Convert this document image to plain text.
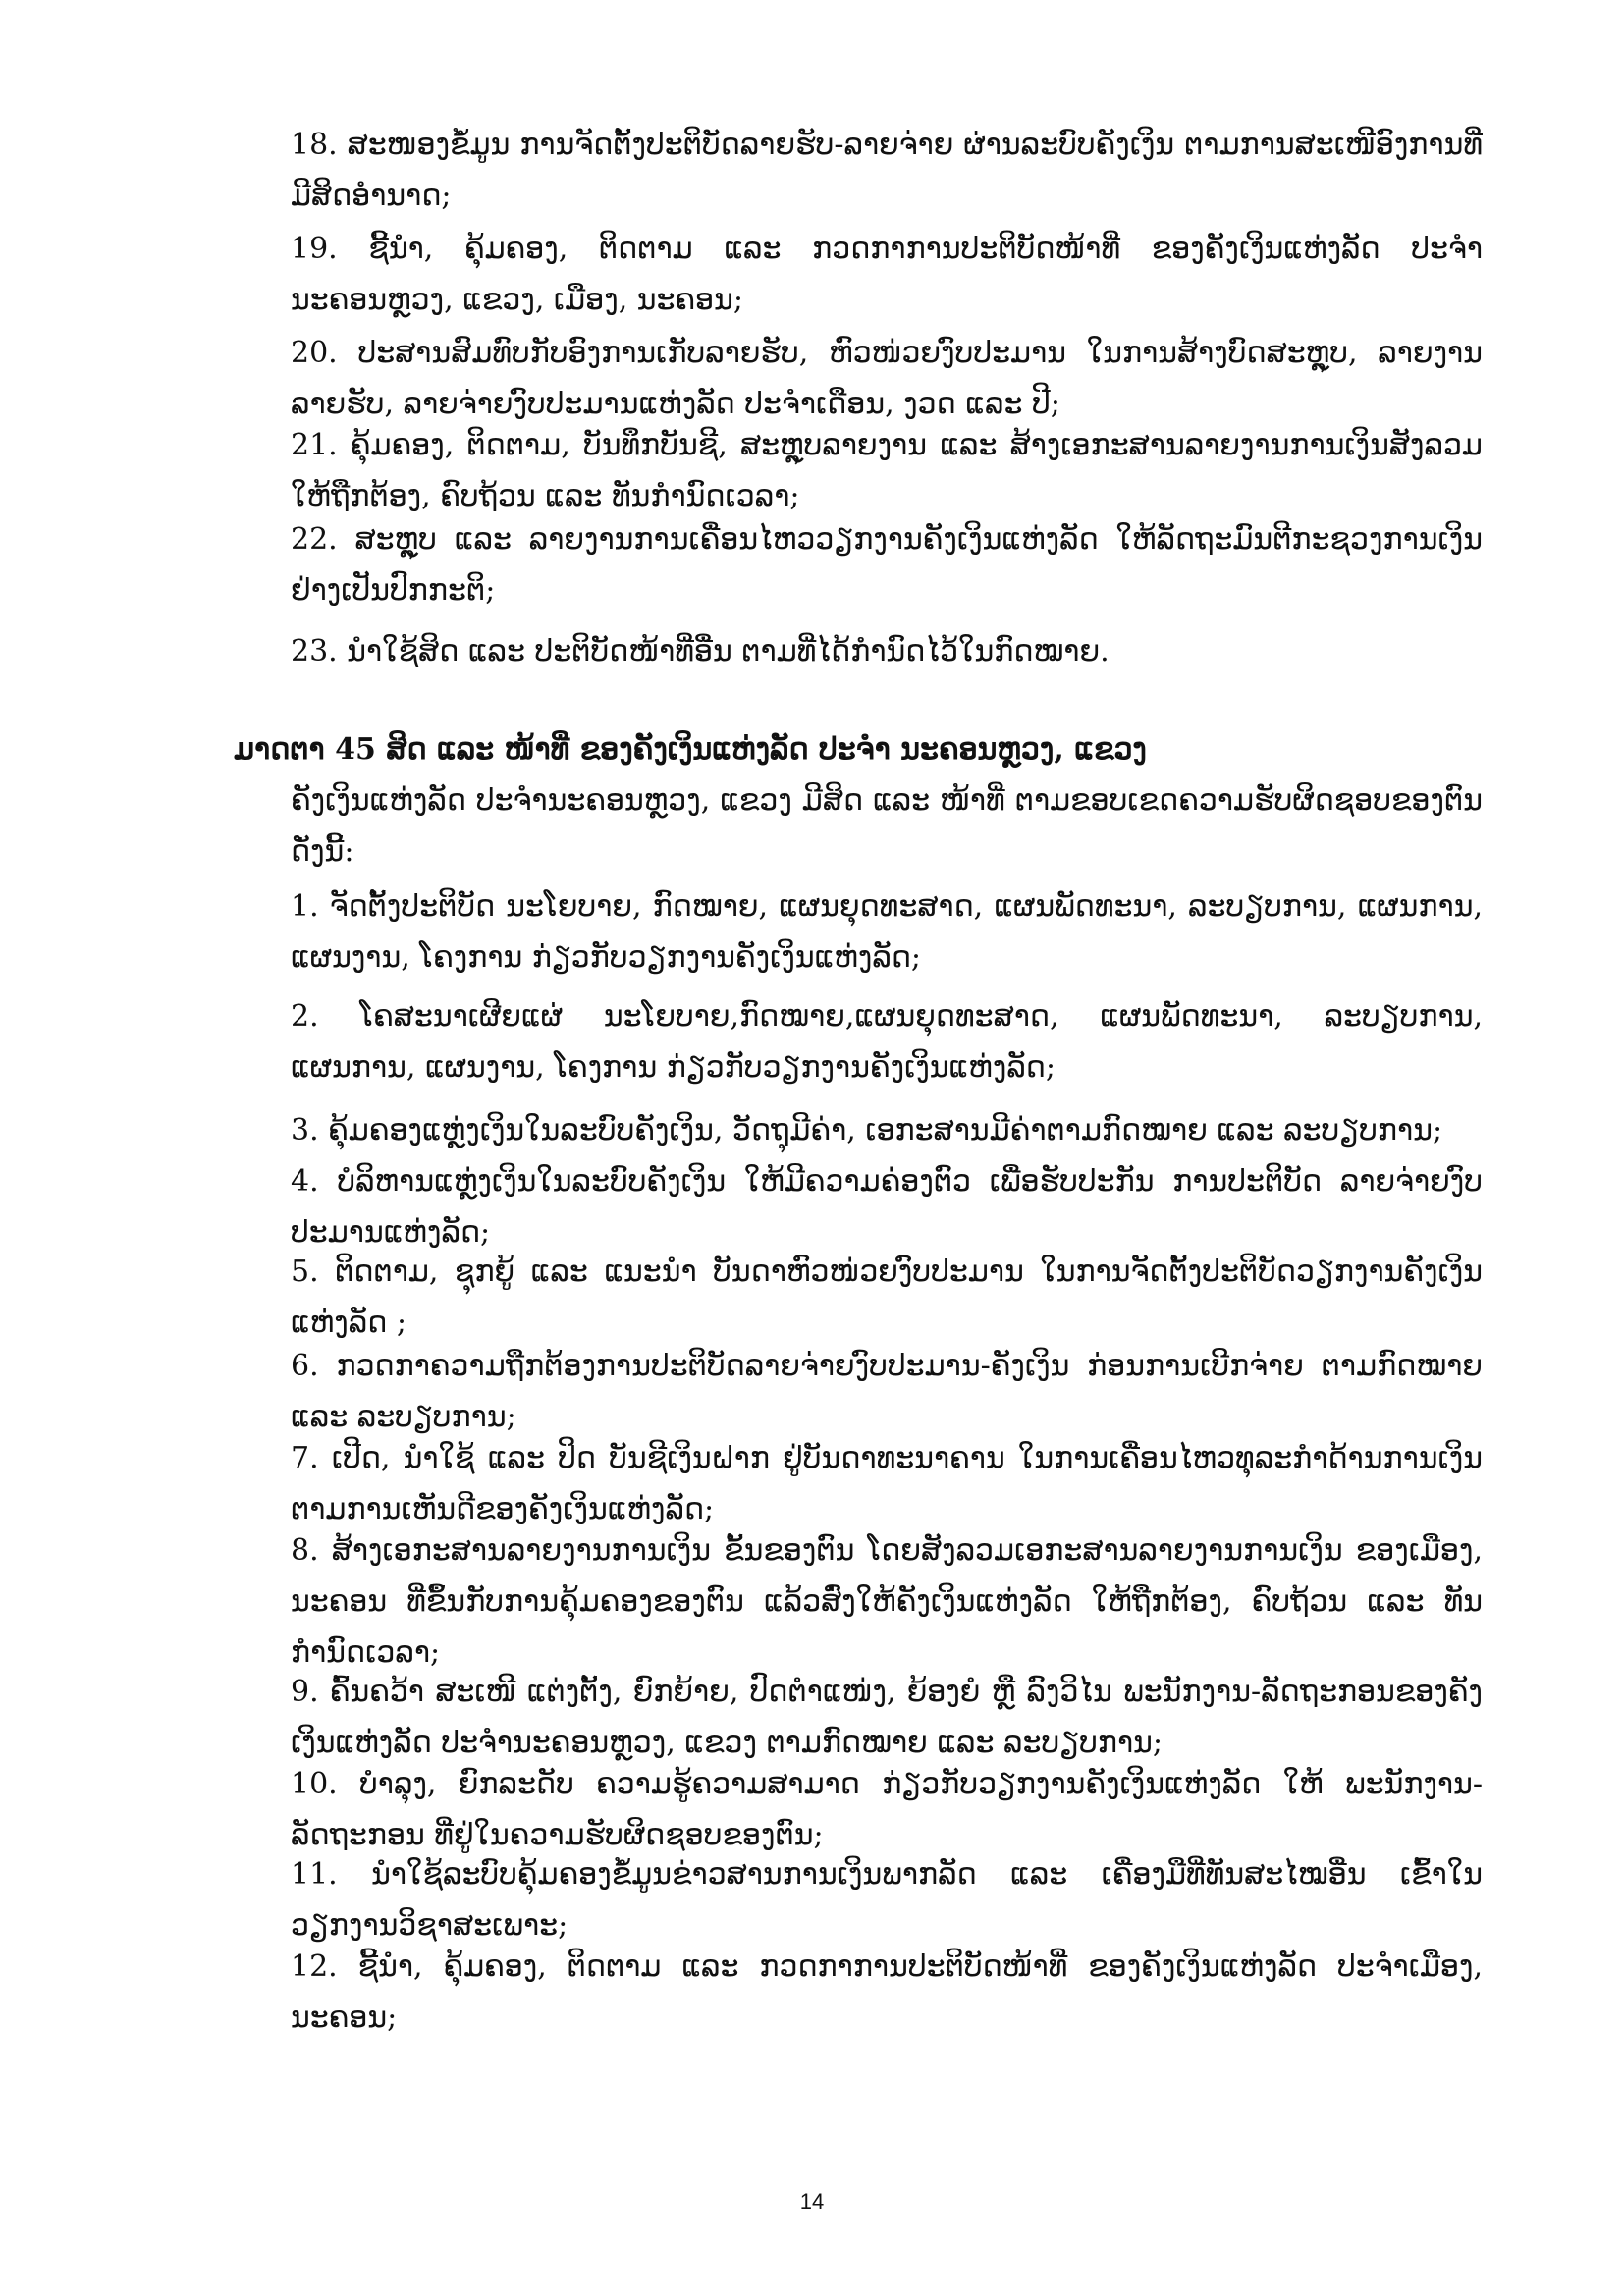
18. ສະໜອງຂໍ້ມູນ ການຈັດຕັ້ງປະຕິບັດລາຍຮັບ-ລາຍຈ່າຍ ຜ່ານລະບົບຄັງເງິນ ຕາມການສະເໜີອົງການທີ່ມີສິດອຳນາດ;

19. ຊີ້ນຳ, ຄຸ້ມຄອງ, ຕິດຕາມ ແລະ ກວດກາການປະຕິບັດໜ້າທີ່ ຂອງຄັງເງິນແຫ່ງລັດ ປະຈຳ ນະຄອນຫຼວງ, ແຂວງ, ເມືອງ, ນະຄອນ;

20. ປະສານສົມທົບກັບອົງການເກັບລາຍຮັບ, ຫົວໜ່ວຍງົບປະມານ ໃນການສ້າງບົດສະຫຼຸບ, ລາຍງານລາຍຮັບ, ລາຍຈ່າຍງົບປະມານແຫ່ງລັດ ປະຈຳເດືອນ, ງວດ ແລະ ປີ;

21. ຄຸ້ມຄອງ, ຕິດຕາມ, ບັນທຶກບັນຊີ, ສະຫຼຸບລາຍງານ ແລະ ສ້າງເອກະສານລາຍງານການເງິນສັງລວມໃຫ້ຖືກຕ້ອງ, ຄົບຖ້ວນ ແລະ ທັນກຳນົດເວລາ;

22. ສະຫຼຸບ ແລະ ລາຍງານການເຄື່ອນໄຫວວຽກງານຄັງເງິນແຫ່ງລັດ ໃຫ້ລັດຖະມົນຕີກະຊວງການເງິນຢ່າງເປັນປົກກະຕິ;

23. ນຳໃຊ້ສິດ ແລະ ປະຕິບັດໜ້າທີ່ອື່ນ ຕາມທີ່ໄດ້ກຳນົດໄວ້ໃນກົດໝາຍ.

ມາດຕາ 45 ສິດ ແລະ ໜ້າທີ່ ຂອງຄັງເງິນແຫ່ງລັດ ປະຈຳ ນະຄອນຫຼວງ, ແຂວງ

ຄັງເງິນແຫ່ງລັດ ປະຈຳນະຄອນຫຼວງ, ແຂວງ ມີສິດ ແລະ ໜ້າທີ່ ຕາມຂອບເຂດຄວາມຮັບຜິດຊອບຂອງຕົນ ດັ່ງນີ້:

1. ຈັດຕັ້ງປະຕິບັດ ນະໂຍບາຍ, ກົດໝາຍ, ແຜນຍຸດທະສາດ, ແຜນພັດທະນາ, ລະບຽບການ, ແຜນການ, ແຜນງານ, ໂຄງການ ກ່ຽວກັບວຽກງານຄັງເງິນແຫ່ງລັດ;

2. ໂຄສະນາເຜີຍແຜ່ ນະໂຍບາຍ,ກົດໝາຍ,ແຜນຍຸດທະສາດ, ແຜນພັດທະນາ, ລະບຽບການ, ແຜນການ, ແຜນງານ, ໂຄງການ ກ່ຽວກັບວຽກງານຄັງເງິນແຫ່ງລັດ;

3. ຄຸ້ມຄອງແຫຼ່ງເງິນໃນລະບົບຄັງເງິນ, ວັດຖຸມີຄ່າ, ເອກະສານມີຄ່າຕາມກົດໝາຍ ແລະ ລະບຽບການ;

4. ບໍລິຫານແຫຼ່ງເງິນໃນລະບົບຄັງເງິນ ໃຫ້ມີຄວາມຄ່ອງຕົວ ເພື່ອຮັບປະກັນ ການປະຕິບັດ ລາຍຈ່າຍງົບປະມານແຫ່ງລັດ;

5. ຕິດຕາມ, ຊຸກຍູ້ ແລະ ແນະນຳ ບັນດາຫົວໜ່ວຍງົບປະມານ ໃນການຈັດຕັ້ງປະຕິບັດວຽກງານຄັງເງິນແຫ່ງລັດ ;

6. ກວດກາຄວາມຖືກຕ້ອງການປະຕິບັດລາຍຈ່າຍງົບປະມານ-ຄັງເງິນ ກ່ອນການເບີກຈ່າຍ ຕາມກົດໝາຍ ແລະ ລະບຽບການ;

7. ເປີດ, ນຳໃຊ້ ແລະ ປິດ ບັນຊີເງິນຝາກ ຢູ່ບັນດາທະນາຄານ ໃນການເຄື່ອນໄຫວທຸລະກຳດ້ານການເງິນ ຕາມການເຫັນດີຂອງຄັງເງິນແຫ່ງລັດ;

8. ສ້າງເອກະສານລາຍງານການເງິນ ຂັ້ນຂອງຕົນ ໂດຍສັງລວມເອກະສານລາຍງານການເງິນ ຂອງເມືອງ, ນະຄອນ ທີ່ຂຶ້ນກັບການຄຸ້ມຄອງຂອງຕົນ ແລ້ວສົ່ງໃຫ້ຄັງເງິນແຫ່ງລັດ ໃຫ້ຖືກຕ້ອງ, ຄົບຖ້ວນ ແລະ ທັນກຳນົດເວລາ;

9. ຄົ້ນຄວ້າ ສະເໜີ ແຕ່ງຕັ້ງ, ຍົກຍ້າຍ, ປົດຕຳແໜ່ງ, ຍ້ອງຍໍ ຫຼື ລົງວິໄນ ພະນັກງານ-ລັດຖະກອນຂອງຄັງເງິນແຫ່ງລັດ ປະຈຳນະຄອນຫຼວງ, ແຂວງ ຕາມກົດໝາຍ ແລະ ລະບຽບການ;

10. ບຳລຸງ, ຍົກລະດັບ ຄວາມຮູ້ຄວາມສາມາດ ກ່ຽວກັບວຽກງານຄັງເງິນແຫ່ງລັດ ໃຫ້ ພະນັກງານ-ລັດຖະກອນ ທີ່ຢູ່ໃນຄວາມຮັບຜິດຊອບຂອງຕົນ;

11. ນຳໃຊ້ລະບົບຄຸ້ມຄອງຂໍ້ມູນຂ່າວສານການເງິນພາກລັດ ແລະ ເຄື່ອງມືທີ່ທັນສະໄໝອື່ນ ເຂົ້າໃນວຽກງານວິຊາສະເພາະ;

12. ຊີ້ນຳ, ຄຸ້ມຄອງ, ຕິດຕາມ ແລະ ກວດກາການປະຕິບັດໜ້າທີ່ ຂອງຄັງເງິນແຫ່ງລັດ ປະຈຳເມືອງ, ນະຄອນ;

14
